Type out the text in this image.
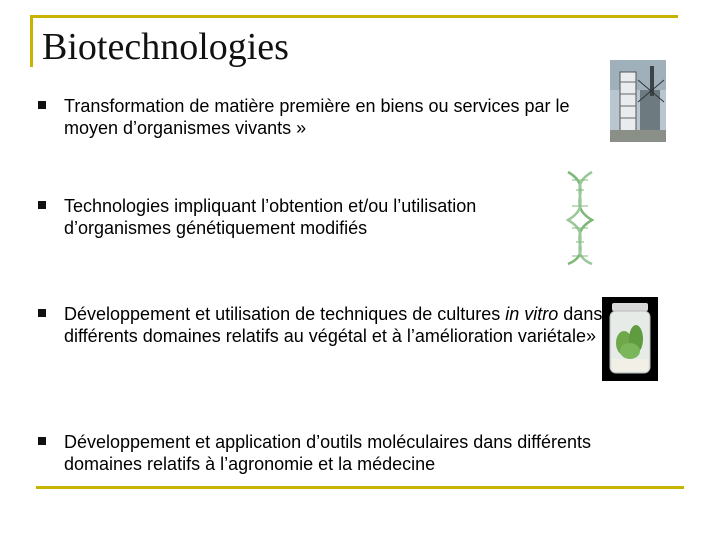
Biotechnologies
Transformation de matière première en biens ou services par le moyen d’organismes vivants »
Technologies impliquant l’obtention et/ou l’utilisation d’organismes génétiquement modifiés
Développement et utilisation de techniques de cultures in vitro dans différents domaines relatifs au végétal et à l’amélioration variétale»
Développement et application d’outils moléculaires dans différents domaines relatifs à l’agronomie et la médecine
